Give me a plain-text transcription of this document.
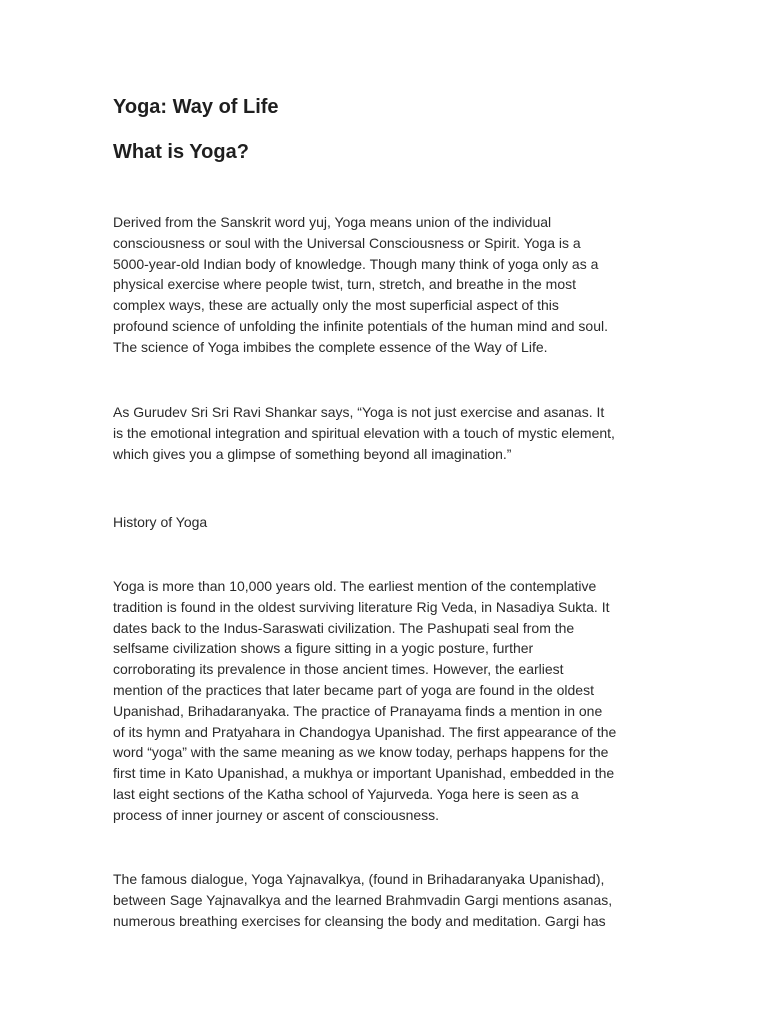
Yoga: Way of Life
What is Yoga?
Derived from the Sanskrit word yuj, Yoga means union of the individual
consciousness or soul with the Universal Consciousness or Spirit. Yoga is a
5000-year-old Indian body of knowledge. Though many think of yoga only as a
physical exercise where people twist, turn, stretch, and breathe in the most
complex ways, these are actually only the most superficial aspect of this
profound science of unfolding the infinite potentials of the human mind and soul.
The science of Yoga imbibes the complete essence of the Way of Life.
As Gurudev Sri Sri Ravi Shankar says, “Yoga is not just exercise and asanas. It
is the emotional integration and spiritual elevation with a touch of mystic element,
which gives you a glimpse of something beyond all imagination.”
History of Yoga
Yoga is more than 10,000 years old. The earliest mention of the contemplative
tradition is found in the oldest surviving literature Rig Veda, in Nasadiya Sukta. It
dates back to the Indus-Saraswati civilization. The Pashupati seal from the
selfsame civilization shows a figure sitting in a yogic posture, further
corroborating its prevalence in those ancient times. However, the earliest
mention of the practices that later became part of yoga are found in the oldest
Upanishad, Brihadaranyaka. The practice of Pranayama finds a mention in one
of its hymn and Pratyahara in Chandogya Upanishad. The first appearance of the
word “yoga” with the same meaning as we know today, perhaps happens for the
first time in Kato Upanishad, a mukhya or important Upanishad, embedded in the
last eight sections of the Katha school of Yajurveda. Yoga here is seen as a
process of inner journey or ascent of consciousness.
The famous dialogue, Yoga Yajnavalkya, (found in Brihadaranyaka Upanishad),
between Sage Yajnavalkya and the learned Brahmvadin Gargi mentions asanas,
numerous breathing exercises for cleansing the body and meditation. Gargi has
